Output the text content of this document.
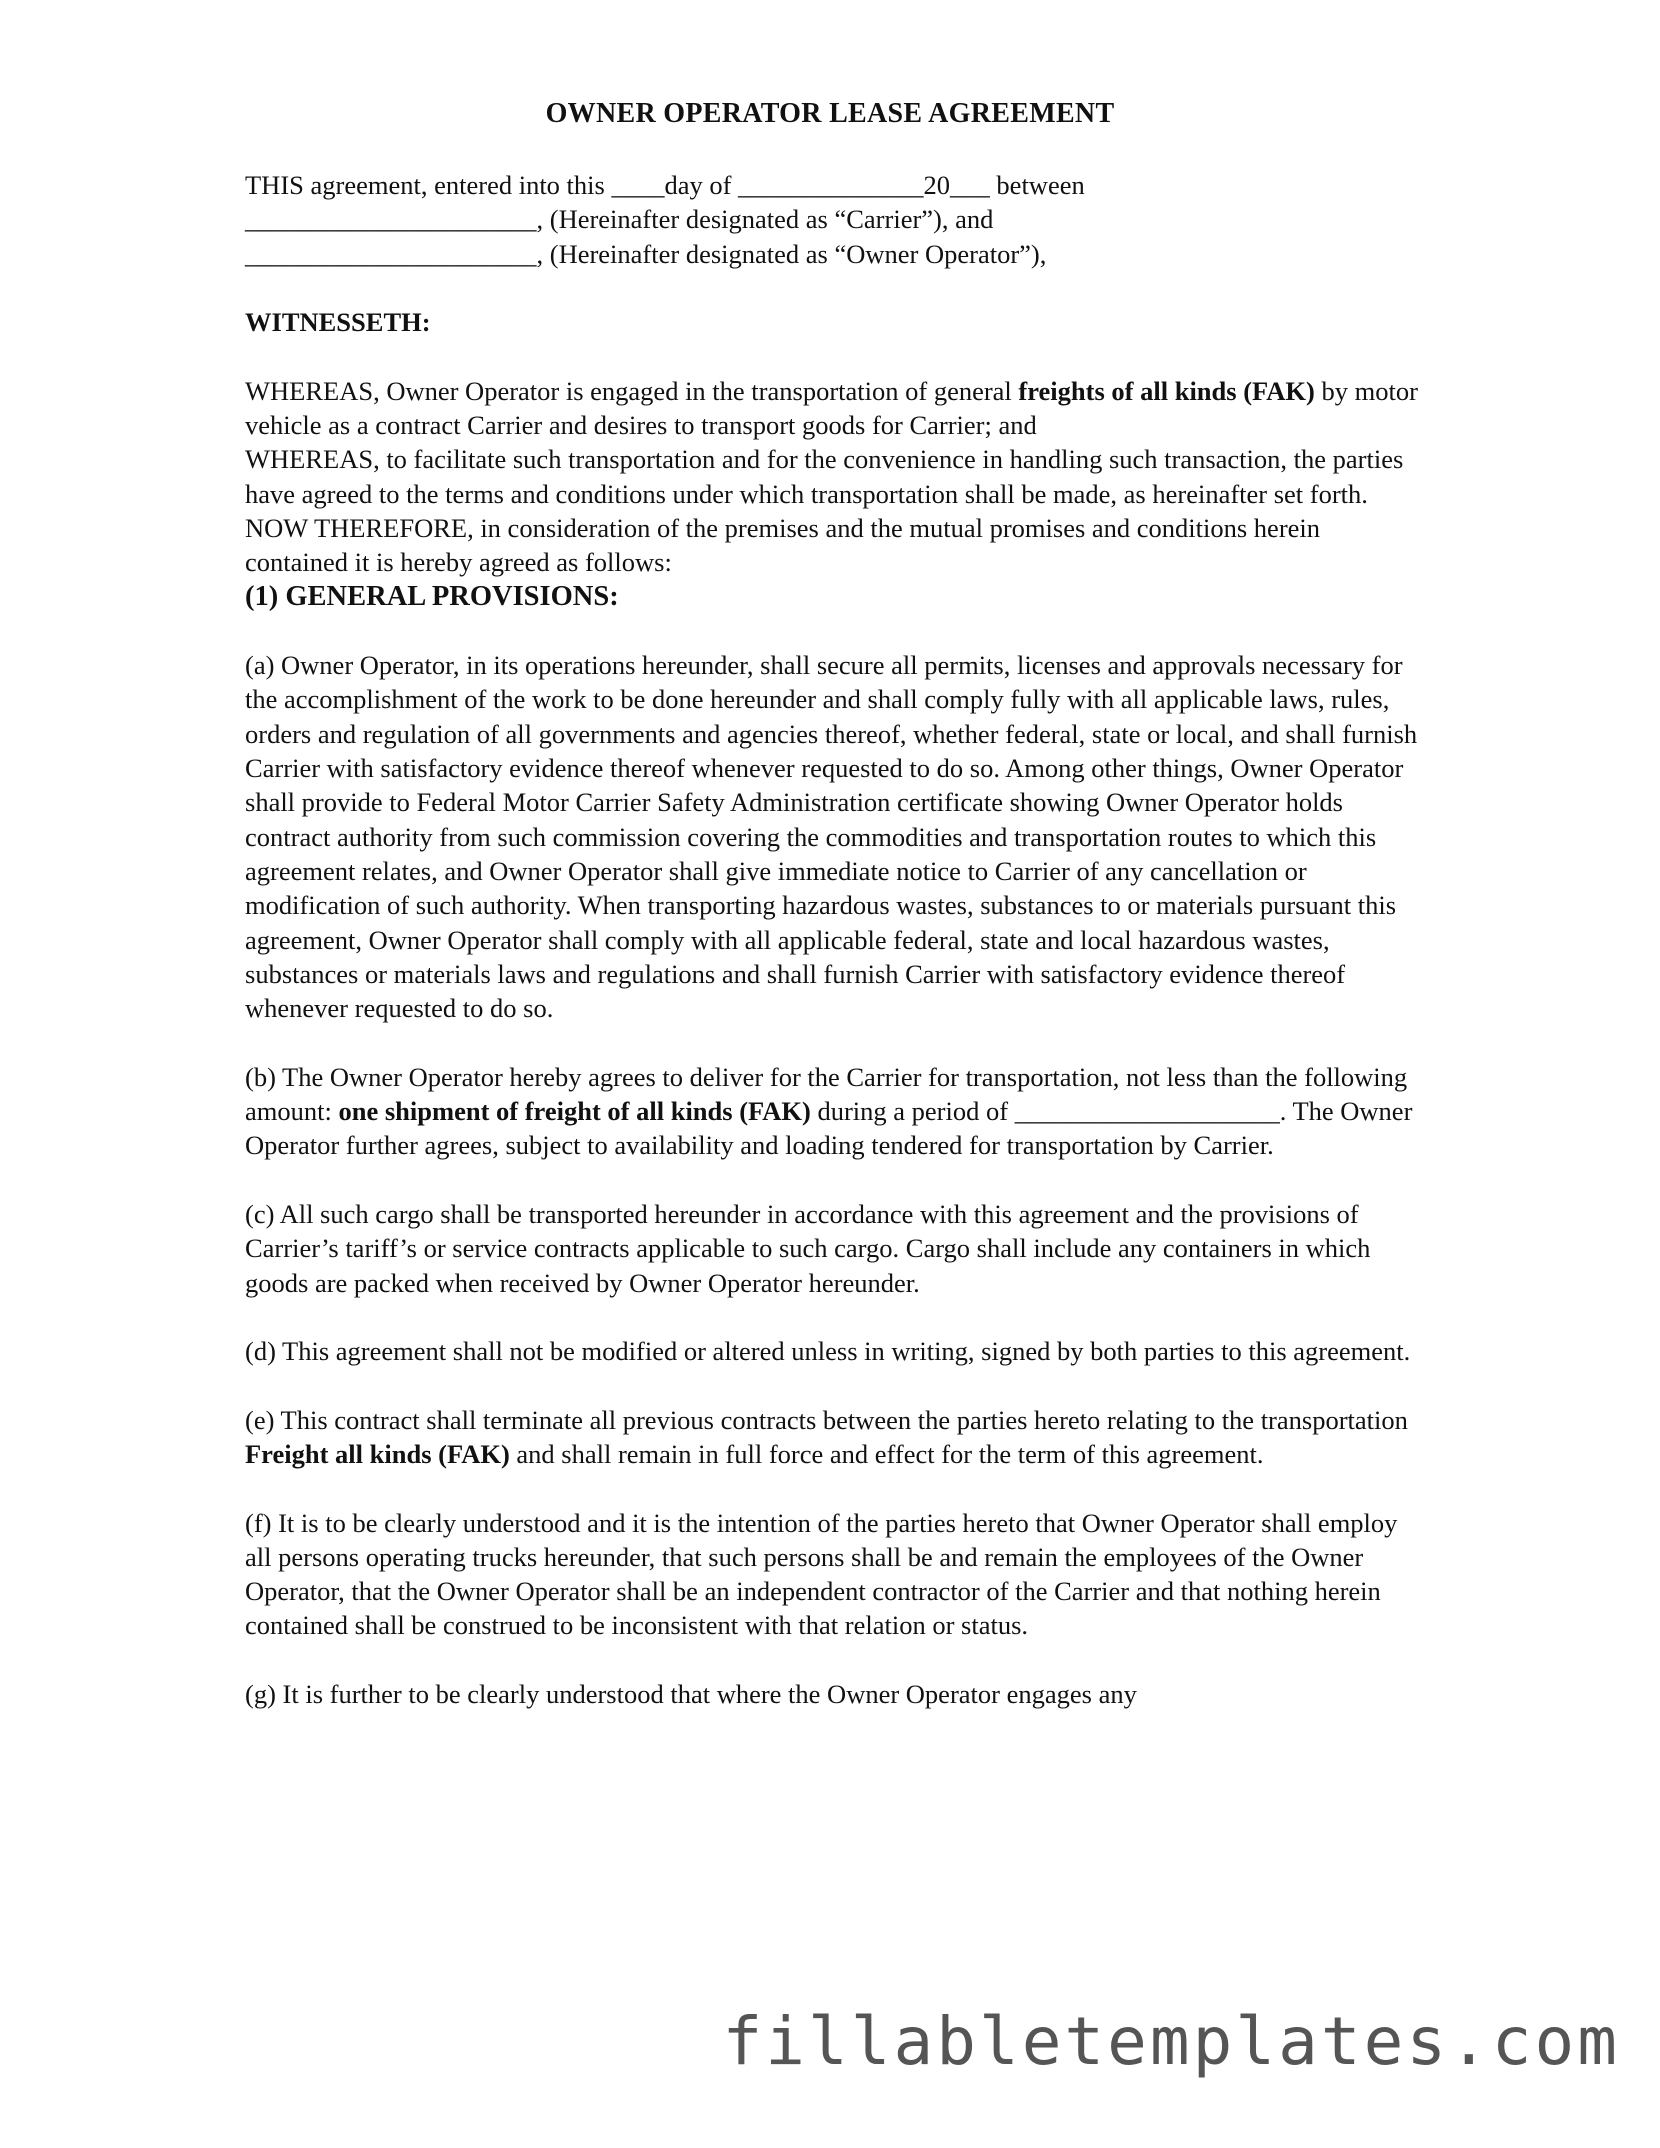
OWNER OPERATOR LEASE AGREEMENT

THIS agreement, entered into this ____day of ______________20___ between

______________________, (Hereinafter designated as “Carrier”), and

______________________, (Hereinafter designated as “Owner Operator”),

WITNESSETH:

WHEREAS, Owner Operator is engaged in the transportation of general freights of all kinds (FAK) by motor vehicle as a contract Carrier and desires to transport goods for Carrier; and

WHEREAS, to facilitate such transportation and for the convenience in handling such transaction, the parties have agreed to the terms and conditions under which transportation shall be made, as hereinafter set forth.

NOW THEREFORE, in consideration of the premises and the mutual promises and conditions herein contained it is hereby agreed as follows:

(1) GENERAL PROVISIONS:

(a) Owner Operator, in its operations hereunder, shall secure all permits, licenses and approvals necessary for the accomplishment of the work to be done hereunder and shall comply fully with all applicable laws, rules, orders and regulation of all governments and agencies thereof, whether federal, state or local, and shall furnish Carrier with satisfactory evidence thereof whenever requested to do so. Among other things, Owner Operator shall provide to Federal Motor Carrier Safety Administration certificate showing Owner Operator holds contract authority from such commission covering the commodities and transportation routes to which this agreement relates, and Owner Operator shall give immediate notice to Carrier of any cancellation or modification of such authority. When transporting hazardous wastes, substances to or materials pursuant this agreement, Owner Operator shall comply with all applicable federal, state and local hazardous wastes, substances or materials laws and regulations and shall furnish Carrier with satisfactory evidence thereof whenever requested to do so.

(b) The Owner Operator hereby agrees to deliver for the Carrier for transportation, not less than the following amount: one shipment of freight of all kinds (FAK) during a period of ____________________. The Owner Operator further agrees, subject to availability and loading tendered for transportation by Carrier.

(c) All such cargo shall be transported hereunder in accordance with this agreement and the provisions of Carrier’s tariff’s or service contracts applicable to such cargo. Cargo shall include any containers in which goods are packed when received by Owner Operator hereunder.

(d) This agreement shall not be modified or altered unless in writing, signed by both parties to this agreement.

(e) This contract shall terminate all previous contracts between the parties hereto relating to the transportation Freight all kinds (FAK) and shall remain in full force and effect for the term of this agreement.

(f) It is to be clearly understood and it is the intention of the parties hereto that Owner Operator shall employ all persons operating trucks hereunder, that such persons shall be and remain the employees of the Owner Operator, that the Owner Operator shall be an independent contractor of the Carrier and that nothing herein contained shall be construed to be inconsistent with that relation or status.

(g) It is further to be clearly understood that where the Owner Operator engages any

fillabletemplates.com
